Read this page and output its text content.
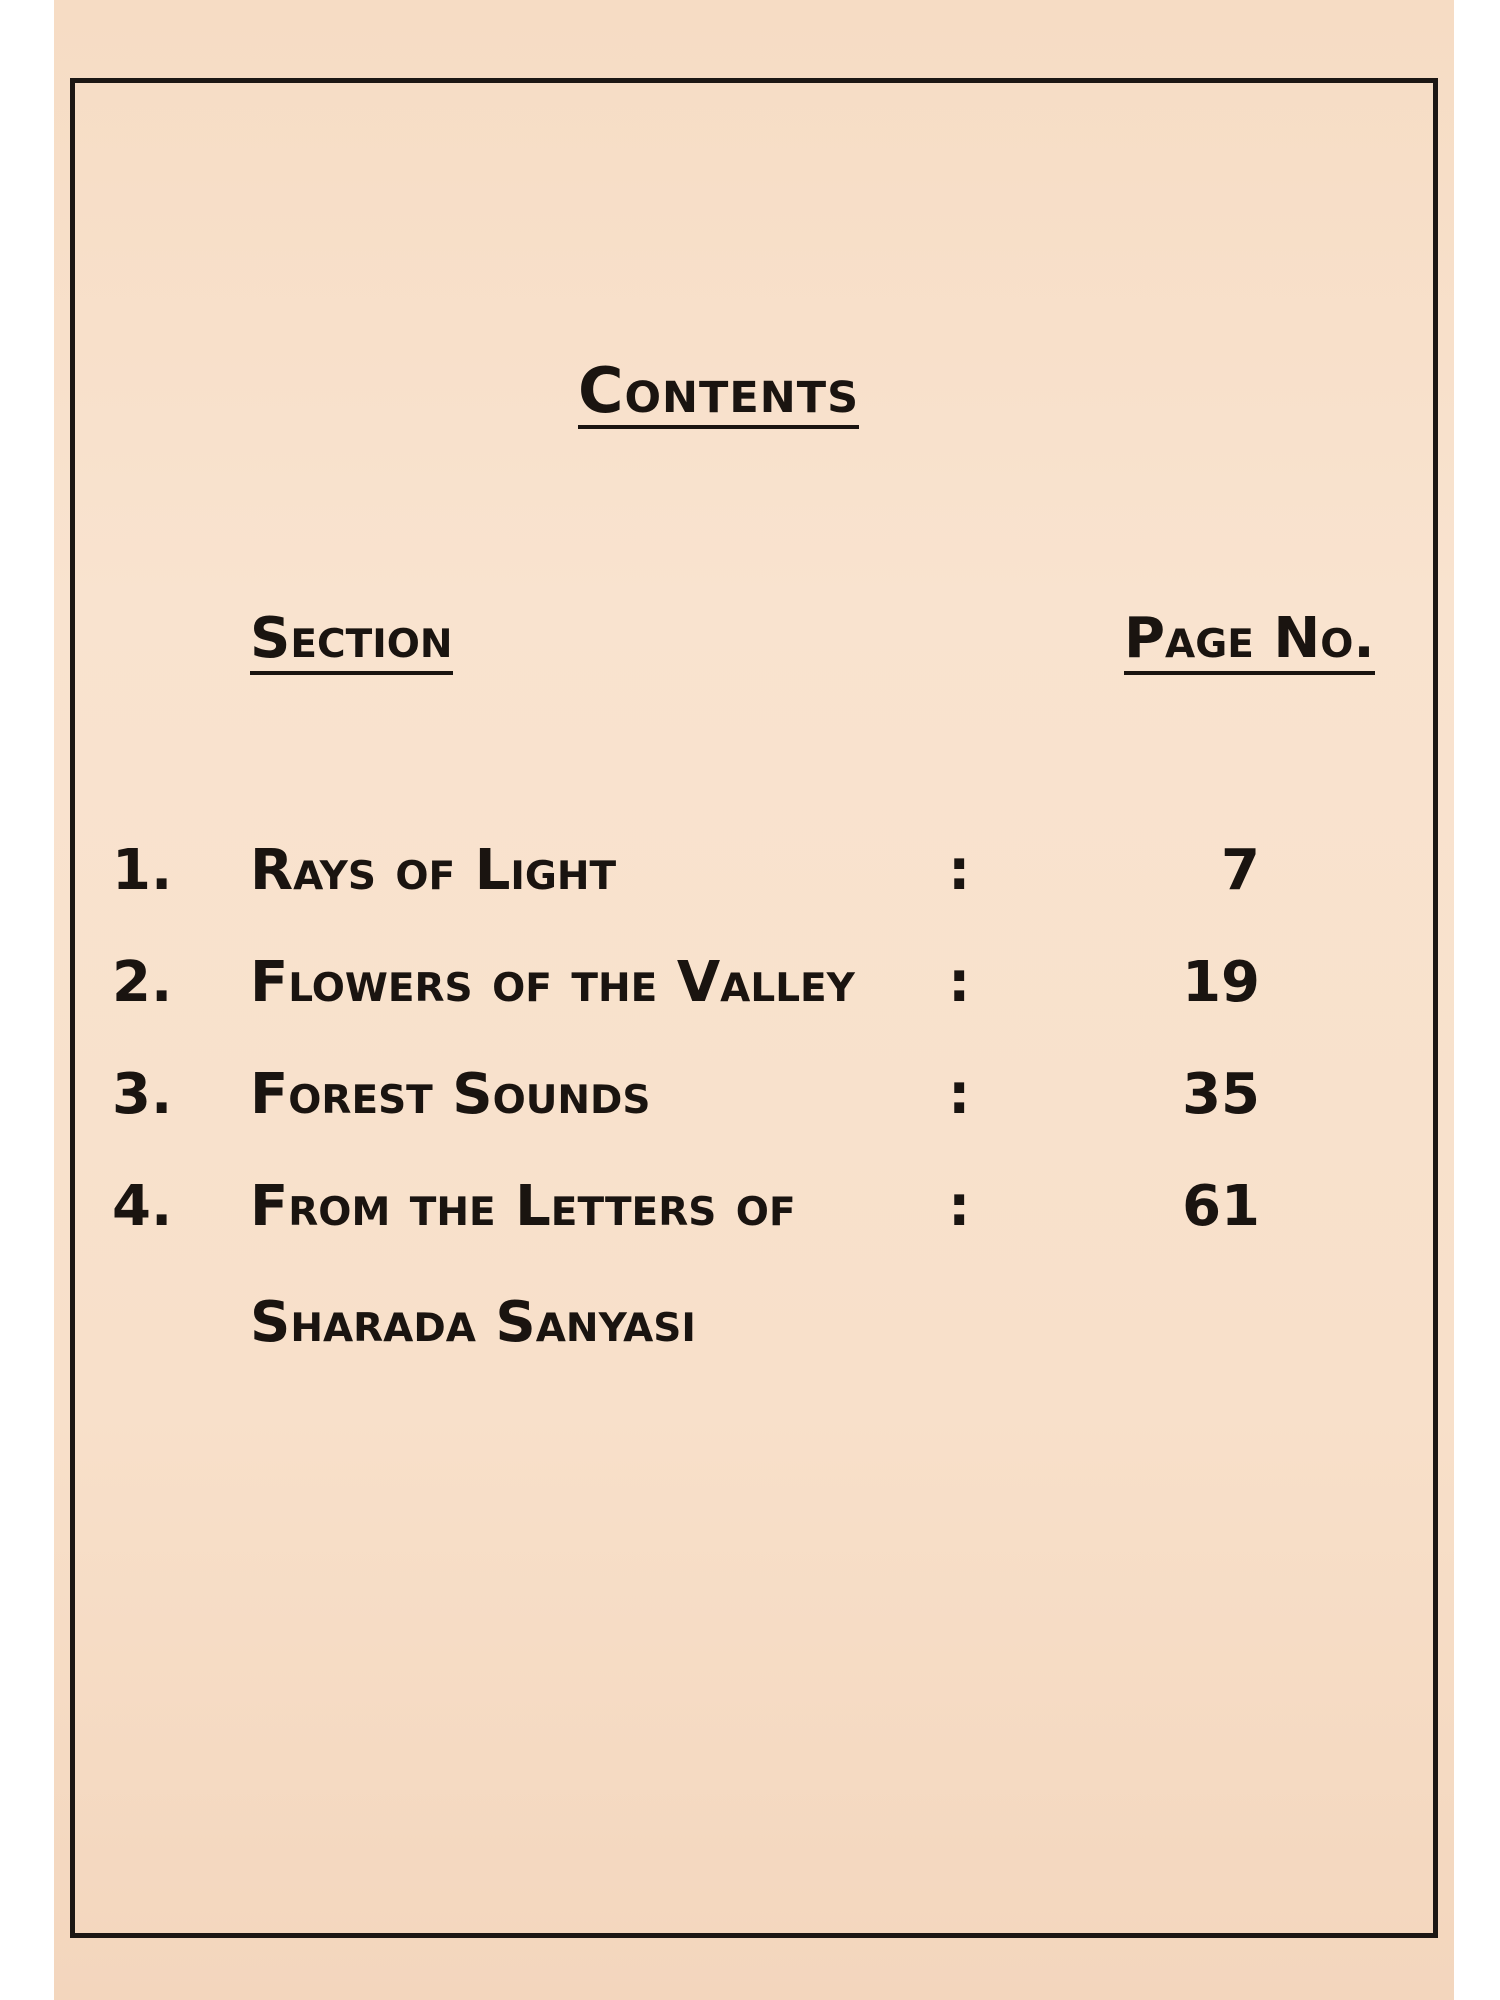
Contents
Section	Page No.
1. Rays of Light	:	7
2. Flowers of the Valley :	19
3. Forest Sounds	:	35
4. From the Letters of	:	61
Sharada Sanyasi
